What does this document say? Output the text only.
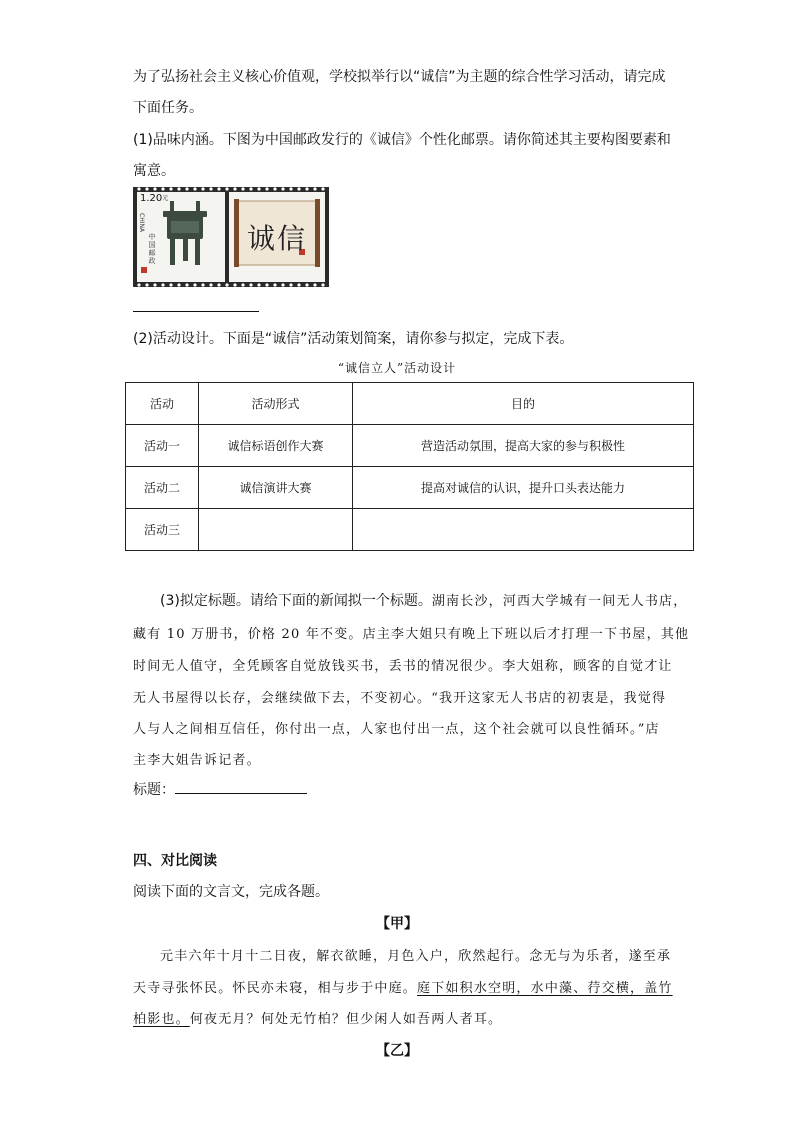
为了弘扬社会主义核心价值观，学校拟举行以“诚信”为主题的综合性学习活动，请完成
下面任务。
(1)品味内涵。下图为中国邮政发行的《诚信》个性化邮票。请你简述其主要构图要素和
寓意。
$1.20^元$
CHINA
中国邮政	诚信
(2)活动设计。下面是“诚信”活动策划简案，请你参与拟定，完成下表。
“诚信立人”活动设计
活动	活动形式	目的
活动一	诚信标语创作大赛	营造活动氛围，提高大家的参与积极性
活动二	诚信演讲大赛	提高对诚信的认识，提升口头表达能力
活动三		
(3)拟定标题。请给下面的新闻拟一个标题。湖南长沙，河西大学城有一间无人书店，
藏有 10 万册书，价格 20 年不变。店主李大姐只有晚上下班以后才打理一下书屋，其他
时间无人值守，全凭顾客自觉放钱买书，丢书的情况很少。李大姐称，顾客的自觉才让
无人书屋得以长存，会继续做下去，不变初心。“我开这家无人书店的初衷是，我觉得
人与人之间相互信任，你付出一点，人家也付出一点，这个社会就可以良性循环。”店
主李大姐告诉记者。
标题：
四、对比阅读
阅读下面的文言文，完成各题。
【甲】
元丰六年十月十二日夜，解衣欲睡，月色入户，欣然起行。念无与为乐者，遂至承
天寺寻张怀民。怀民亦未寝，相与步于中庭。庭下如积水空明，水中藻、荇交横，盖竹
柏影也。何夜无月？何处无竹柏？但少闲人如吾两人者耳。
【乙】
